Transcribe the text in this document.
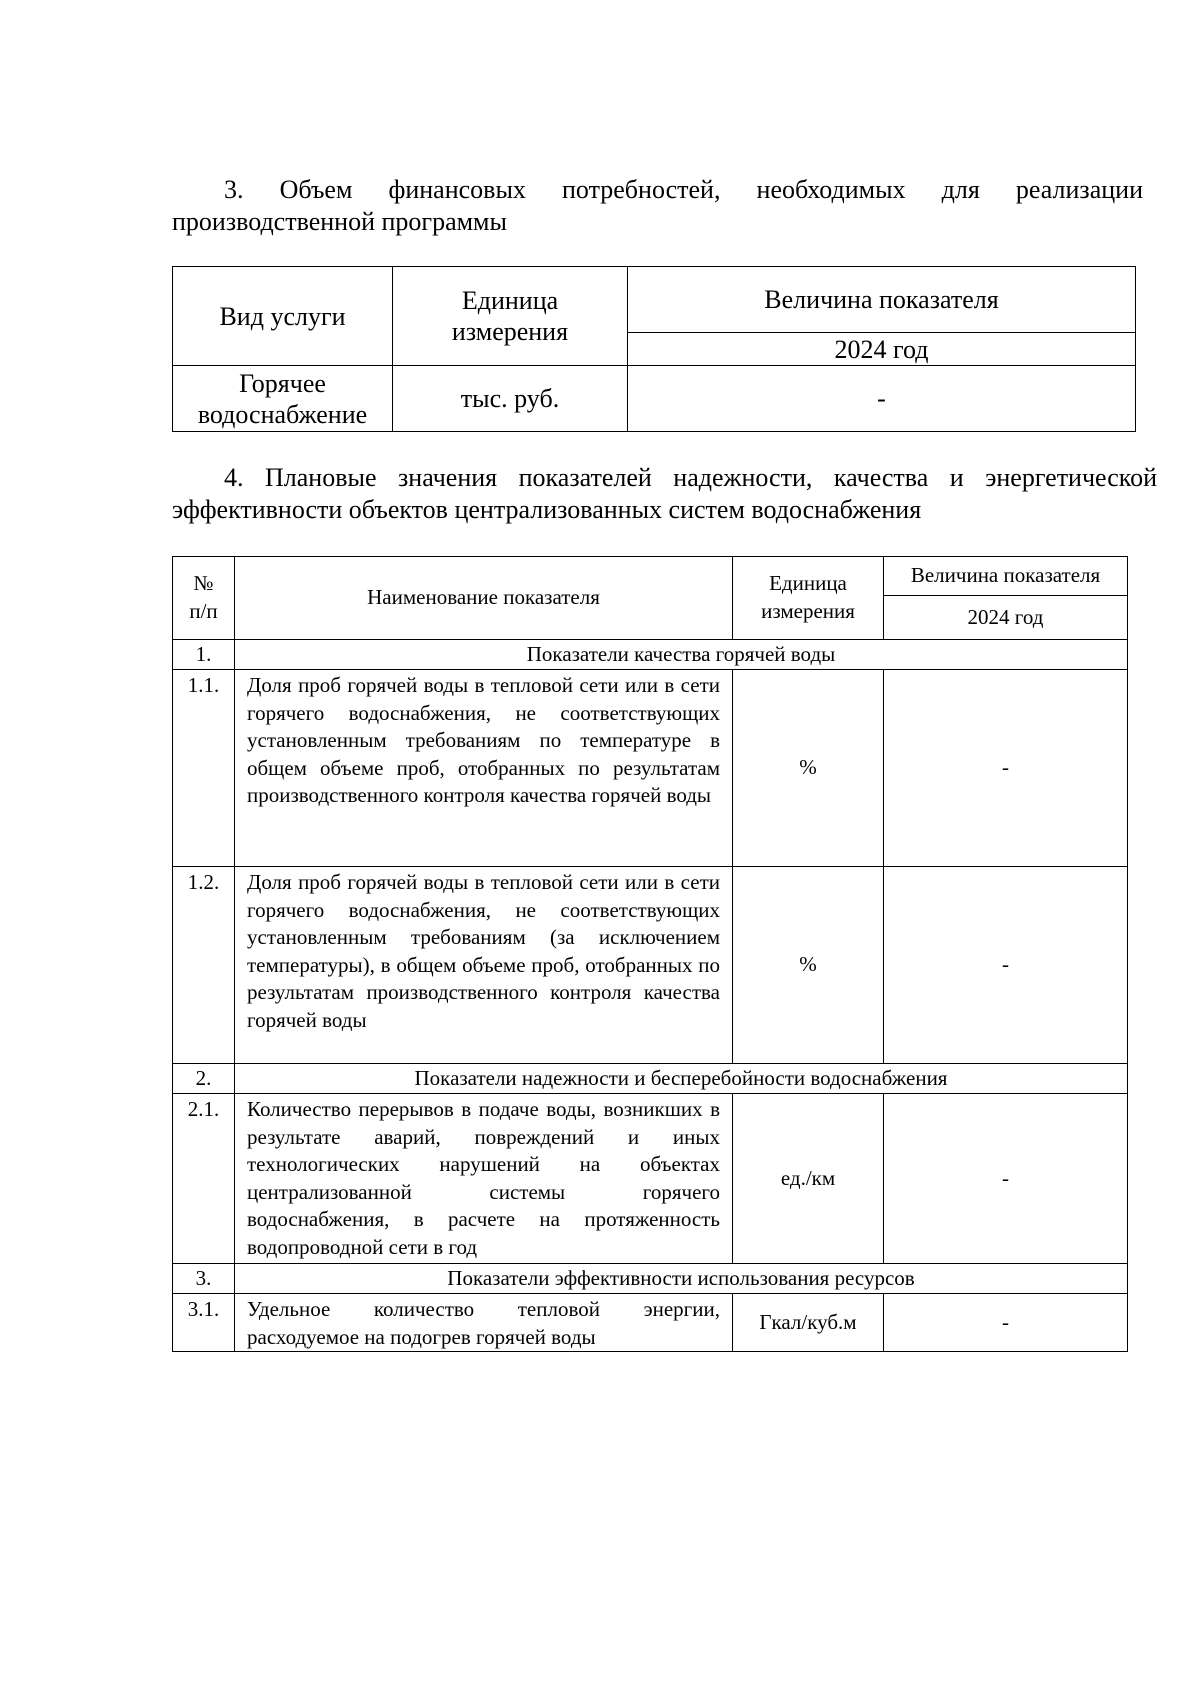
3. Объем финансовых потребностей, необходимых для реализации
производственной программы

Вид услуги	Единица измерения	Величина показателя
		2024 год
Горячее водоснабжение	тыс. руб.	-

4. Плановые значения показателей надежности, качества и энергетической
эффективности объектов централизованных систем водоснабжения

№ п/п	Наименование показателя	Единица измерения	Величина показателя
			2024 год
1.	Показатели качества горячей воды		
1.1.	Доля проб горячей воды в тепловой сети или в сети горячего водоснабжения, не соответствующих установленным требованиям по температуре в общем объеме проб, отобранных по результатам производственного контроля качества горячей воды	%	-
1.2.	Доля проб горячей воды в тепловой сети или в сети горячего водоснабжения, не соответствующих установленным требованиям (за исключением температуры), в общем объеме проб, отобранных по результатам производственного контроля качества горячей воды	%	-
2.	Показатели надежности и бесперебойности водоснабжения		
2.1.	Количество перерывов в подаче воды, возникших в результате аварий, повреждений и иных технологических нарушений на объектах централизованной системы горячего водоснабжения, в расчете на протяженность водопроводной сети в год	ед./км	-
3.	Показатели эффективности использования ресурсов		
3.1.	Удельное количество тепловой энергии, расходуемое на подогрев горячей воды	Гкал/куб.м	-
